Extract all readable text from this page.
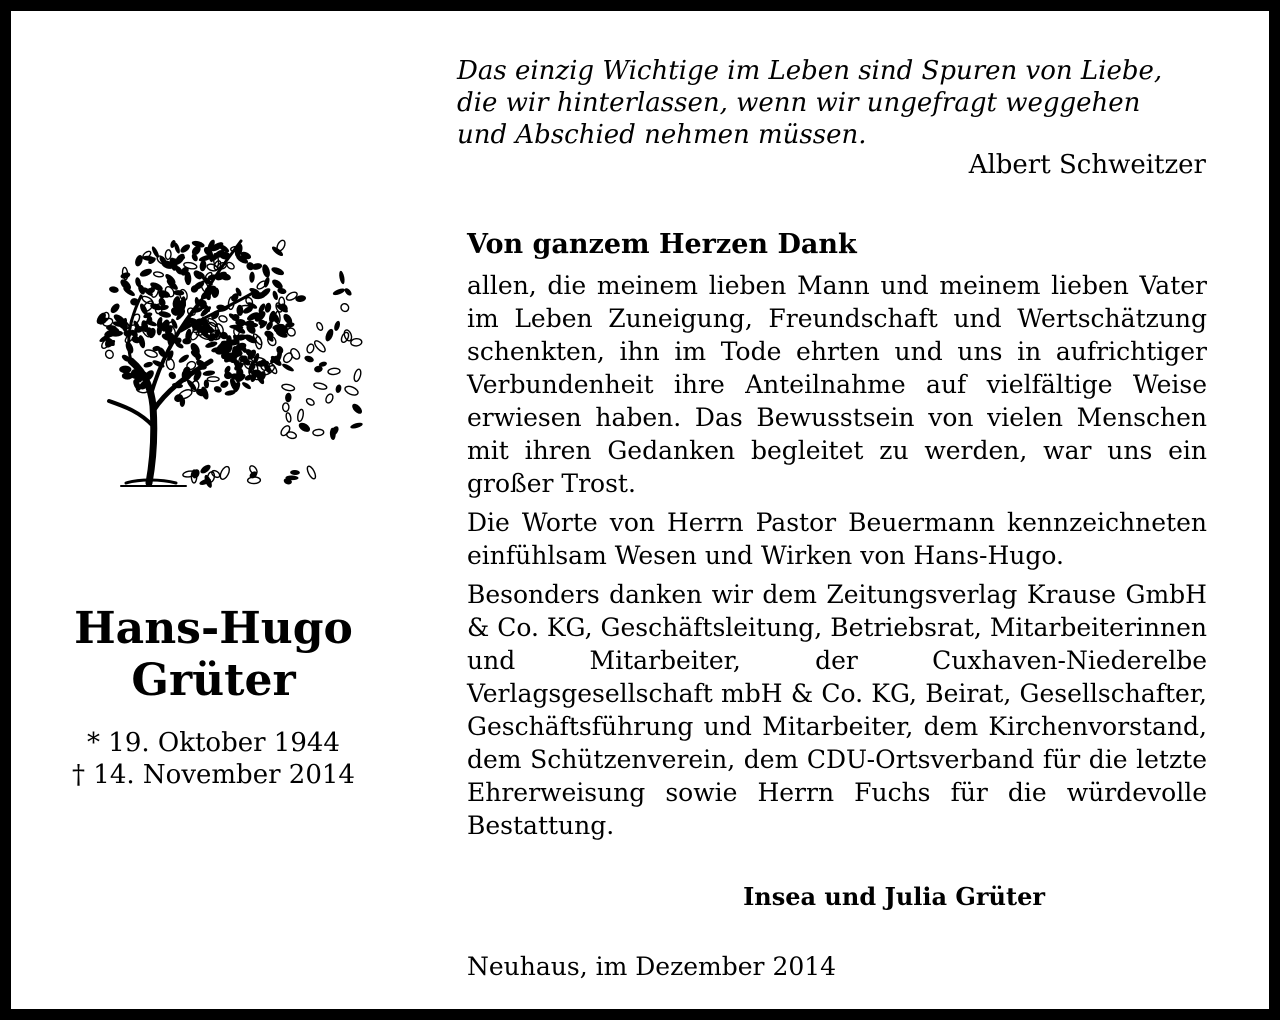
Das einzig Wichtige im Leben sind Spuren von Liebe,
die wir hinterlassen, wenn wir ungefragt weggehen
und Abschied nehmen müssen.
Albert Schweitzer
Hans-Hugo
Grüter
* 19. Oktober 1944
† 14. November 2014
Von ganzem Herzen Dank

allen, die meinem lieben Mann und meinem lieben Vater im Leben Zuneigung, Freundschaft und Wertschätzung schenkten, ihn im Tode ehrten und uns in aufrichtiger Verbundenheit ihre Anteilnahme auf vielfältige Weise erwiesen haben. Das Bewusstsein von vielen Menschen mit ihren Gedanken begleitet zu werden, war uns ein großer Trost.

Die Worte von Herrn Pastor Beuermann kennzeichneten einfühlsam Wesen und Wirken von Hans-Hugo.

Besonders danken wir dem Zeitungsverlag Krause GmbH & Co. KG, Geschäftsleitung, Betriebsrat, Mitarbeiterinnen und Mitarbeiter, der Cuxhaven-Niederelbe Verlagsgesellschaft mbH & Co. KG, Beirat, Gesellschafter, Geschäftsführung und Mitarbeiter, dem Kirchenvorstand, dem Schützenverein, dem CDU-Ortsverband für die letzte Ehrerweisung sowie Herrn Fuchs für die würdevolle Bestattung.

Insea und Julia Grüter
Neuhaus, im Dezember 2014
